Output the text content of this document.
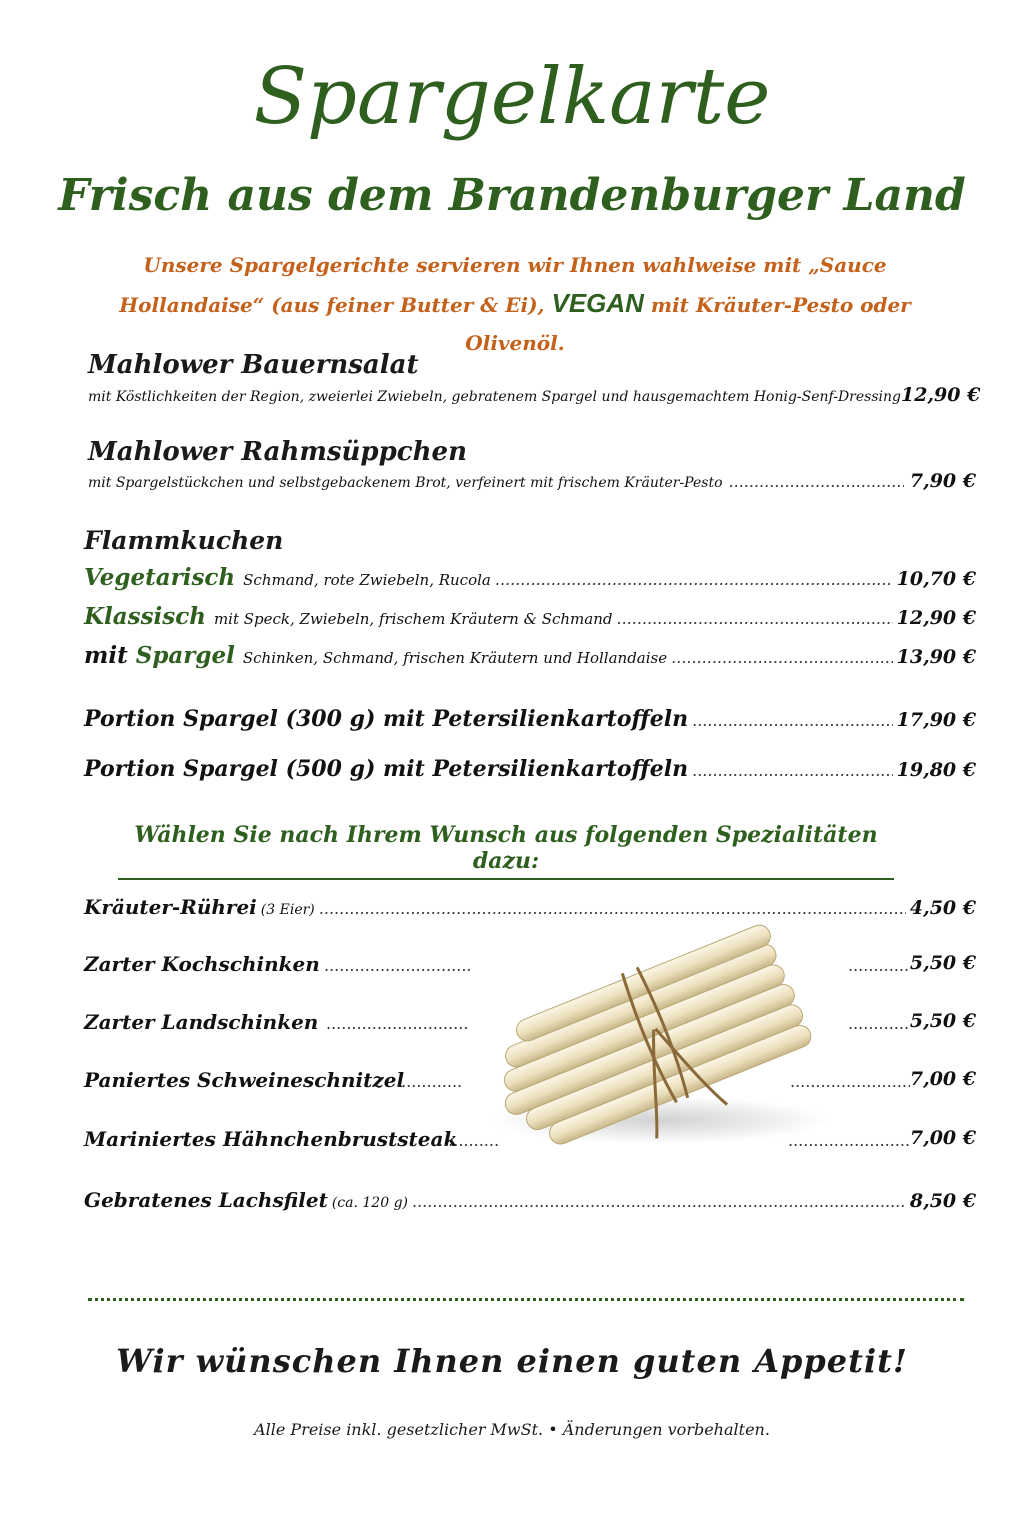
Spargelkarte
Frisch aus dem Brandenburger Land
Unsere Spargelgerichte servieren wir Ihnen wahlweise mit „Sauce Hollandaise“ (aus feiner Butter & Ei), VEGAN mit Kräuter-Pesto oder Olivenöl.
Mahlower Bauernsalat
mit Köstlichkeiten der Region, zweierlei Zwiebeln, gebratenem Spargel und hausgemachtem Honig-Senf-Dressing 12,90 €
Mahlower Rahmsüppchen
mit Spargelstückchen und selbstgebackenem Brot, verfeinert mit frischem Kräuter-Pesto .....	7,90 €
Flammkuchen
Vegetarisch Schmand, rote Zwiebeln, Rucola .....	10,70 €
Klassisch mit Speck, Zwiebeln, frischem Kräutern & Schmand .....	12,90 €
mit Spargel Schinken, Schmand, frischen Kräutern und Hollandaise .....	13,90 €
Portion Spargel (300 g) mit Petersilienkartoffeln .....	17,90 €
Portion Spargel (500 g) mit Petersilienkartoffeln .....	19,80 €
Wählen Sie nach Ihrem Wunsch aus folgenden Spezialitäten dazu:
Kräuter-Rührei (3 Eier) .....	4,50 €
Zarter Kochschinken ..... .....	5,50 €
Zarter Landschinken ..... .....	5,50 €
Paniertes Schweineschnitzel ..... .....	7,00 €
Mariniertes Hähnchenbruststeak ..... .....	7,00 €
Gebratenes Lachsfilet (ca. 120 g) .....	8,50 €
Wir wünschen Ihnen einen guten Appetit!
Alle Preise inkl. gesetzlicher MwSt. • Änderungen vorbehalten.
